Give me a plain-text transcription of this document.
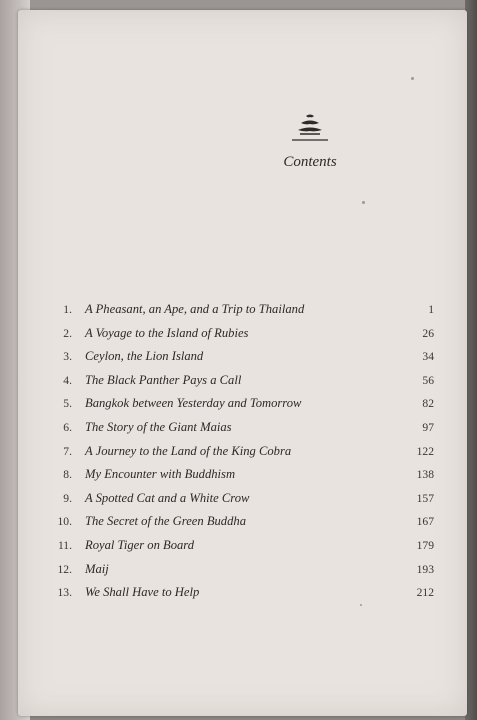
Contents
1. A Pheasant, an Ape, and a Trip to Thailand	1
2. A Voyage to the Island of Rubies	26
3. Ceylon, the Lion Island	34
4. The Black Panther Pays a Call	56
5. Bangkok between Yesterday and Tomorrow	82
6. The Story of the Giant Maias	97
7. A Journey to the Land of the King Cobra	122
8. My Encounter with Buddhism	138
9. A Spotted Cat and a White Crow	157
10. The Secret of the Green Buddha	167
11. Royal Tiger on Board	179
12. Maij	193
13. We Shall Have to Help	212
